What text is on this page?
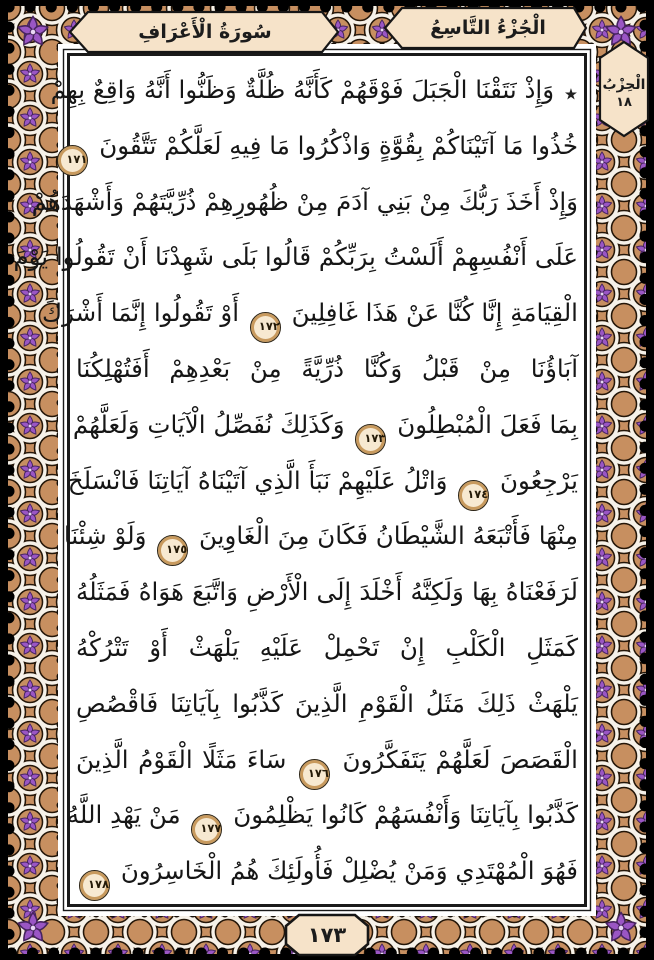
الْجُزْءُ التَّاسِعُ
سُورَةُ الْأَعْرَافِ
الْحِزْبُ
١٨
٭ وَإِذْ نَتَقْنَا الْجَبَلَ فَوْقَهُمْ كَأَنَّهُ ظُلَّةٌ وَظَنُّوا أَنَّهُ وَاقِعٌ بِهِمْ
خُذُوا مَا آتَيْنَاكُمْ بِقُوَّةٍ وَاذْكُرُوا مَا فِيهِ لَعَلَّكُمْ تَتَّقُونَ ١٧١
وَإِذْ أَخَذَ رَبُّكَ مِنْ بَنِي آدَمَ مِنْ ظُهُورِهِمْ ذُرِّيَّتَهُمْ وَأَشْهَدَهُمْ
عَلَى أَنْفُسِهِمْ أَلَسْتُ بِرَبِّكُمْ قَالُوا بَلَى شَهِدْنَا أَنْ تَقُولُوا يَوْمَ
الْقِيَامَةِ إِنَّا كُنَّا عَنْ هَذَا غَافِلِينَ ١٧٢ أَوْ تَقُولُوا إِنَّمَا أَشْرَكَ
آبَاؤُنَا مِنْ قَبْلُ وَكُنَّا ذُرِّيَّةً مِنْ بَعْدِهِمْ أَفَتُهْلِكُنَا
بِمَا فَعَلَ الْمُبْطِلُونَ ١٧٣ وَكَذَلِكَ نُفَصِّلُ الْآيَاتِ وَلَعَلَّهُمْ
يَرْجِعُونَ ١٧٤ وَاتْلُ عَلَيْهِمْ نَبَأَ الَّذِي آتَيْنَاهُ آيَاتِنَا فَانْسَلَخَ
مِنْهَا فَأَتْبَعَهُ الشَّيْطَانُ فَكَانَ مِنَ الْغَاوِينَ ١٧٥ وَلَوْ شِئْنَا
لَرَفَعْنَاهُ بِهَا وَلَكِنَّهُ أَخْلَدَ إِلَى الْأَرْضِ وَاتَّبَعَ هَوَاهُ فَمَثَلُهُ
كَمَثَلِ الْكَلْبِ إِنْ تَحْمِلْ عَلَيْهِ يَلْهَثْ أَوْ تَتْرُكْهُ
يَلْهَثْ ذَلِكَ مَثَلُ الْقَوْمِ الَّذِينَ كَذَّبُوا بِآيَاتِنَا فَاقْصُصِ
الْقَصَصَ لَعَلَّهُمْ يَتَفَكَّرُونَ ١٧٦ سَاءَ مَثَلًا الْقَوْمُ الَّذِينَ
كَذَّبُوا بِآيَاتِنَا وَأَنْفُسَهُمْ كَانُوا يَظْلِمُونَ ١٧٧ مَنْ يَهْدِ اللَّهُ
فَهُوَ الْمُهْتَدِي وَمَنْ يُضْلِلْ فَأُولَئِكَ هُمُ الْخَاسِرُونَ ١٧٨
١٧٣
